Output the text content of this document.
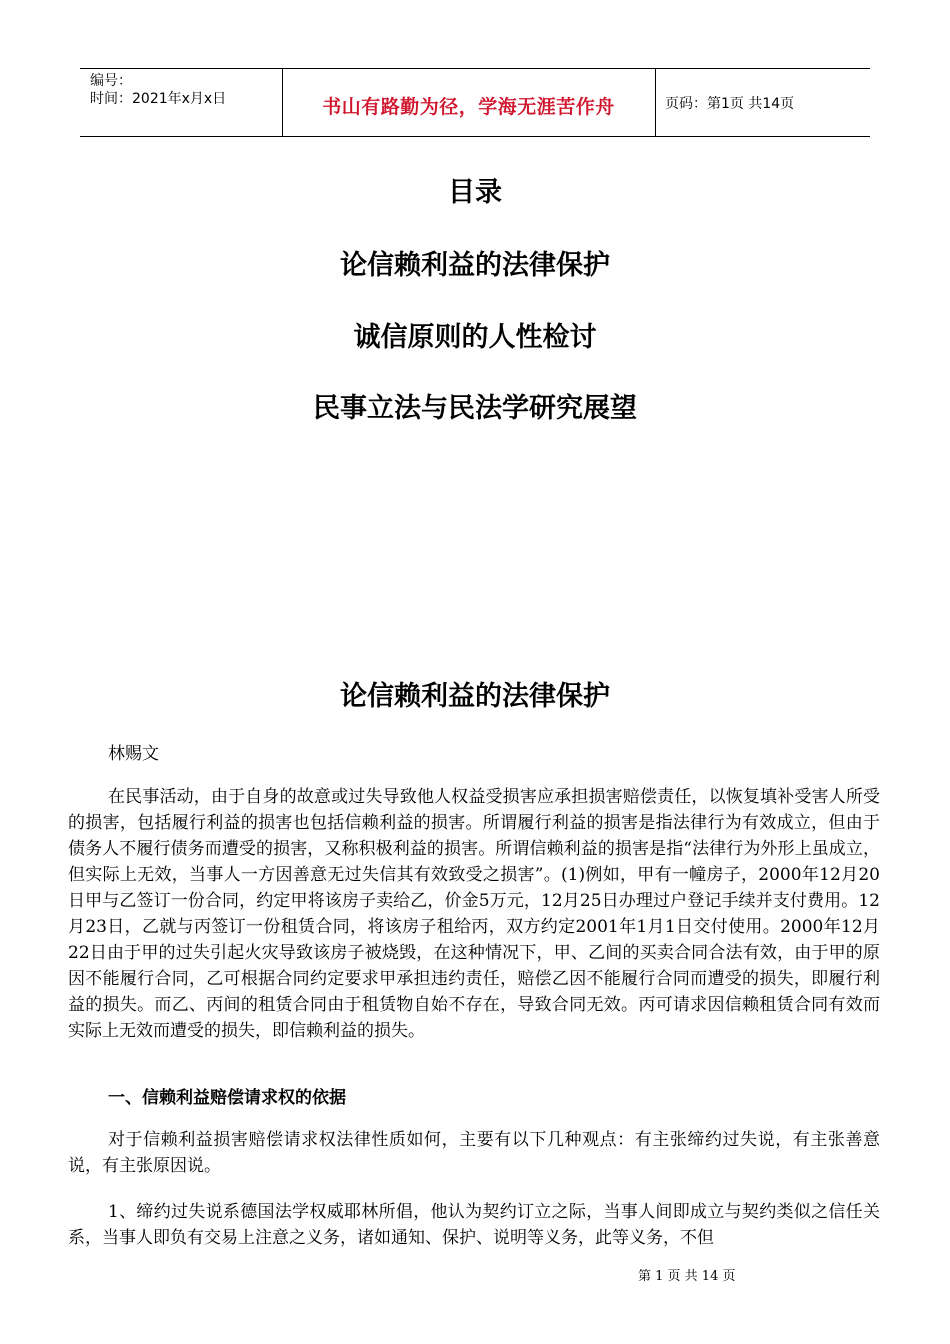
编号：
时间：2021年x月x日	书山有路勤为径，学海无涯苦作舟	页码：第1页 共14页
目录
论信赖利益的法律保护
诚信原则的人性检讨
民事立法与民法学研究展望
论信赖利益的法律保护
林赐文

在民事活动，由于自身的故意或过失导致他人权益受损害应承担损害赔偿责任，以恢复填补受害人所受的损害，包括履行利益的损害也包括信赖利益的损害。所谓履行利益的损害是指法律行为有效成立，但由于债务人不履行债务而遭受的损害，又称积极利益的损害。所谓信赖利益的损害是指“法律行为外形上虽成立，但实际上无效，当事人一方因善意无过失信其有效致受之损害”。(1)例如，甲有一幢房子，2000年12月20日甲与乙签订一份合同，约定甲将该房子卖给乙，价金5万元，12月25日办理过户登记手续并支付费用。12月23日，乙就与丙签订一份租赁合同，将该房子租给丙，双方约定2001年1月1日交付使用。2000年12月22日由于甲的过失引起火灾导致该房子被烧毁，在这种情况下，甲、乙间的买卖合同合法有效，由于甲的原因不能履行合同，乙可根据合同约定要求甲承担违约责任，赔偿乙因不能履行合同而遭受的损失，即履行利益的损失。而乙、丙间的租赁合同由于租赁物自始不存在，导致合同无效。丙可请求因信赖租赁合同有效而实际上无效而遭受的损失，即信赖利益的损失。

一、信赖利益赔偿请求权的依据

对于信赖利益损害赔偿请求权法律性质如何，主要有以下几种观点：有主张缔约过失说，有主张善意说，有主张原因说。

1、缔约过失说系德国法学权威耶林所倡，他认为契约订立之际，当事人间即成立与契约类似之信任关系，当事人即负有交易上注意之义务，诸如通知、保护、说明等义务，此等义务，不但

第 1 页 共 14 页
